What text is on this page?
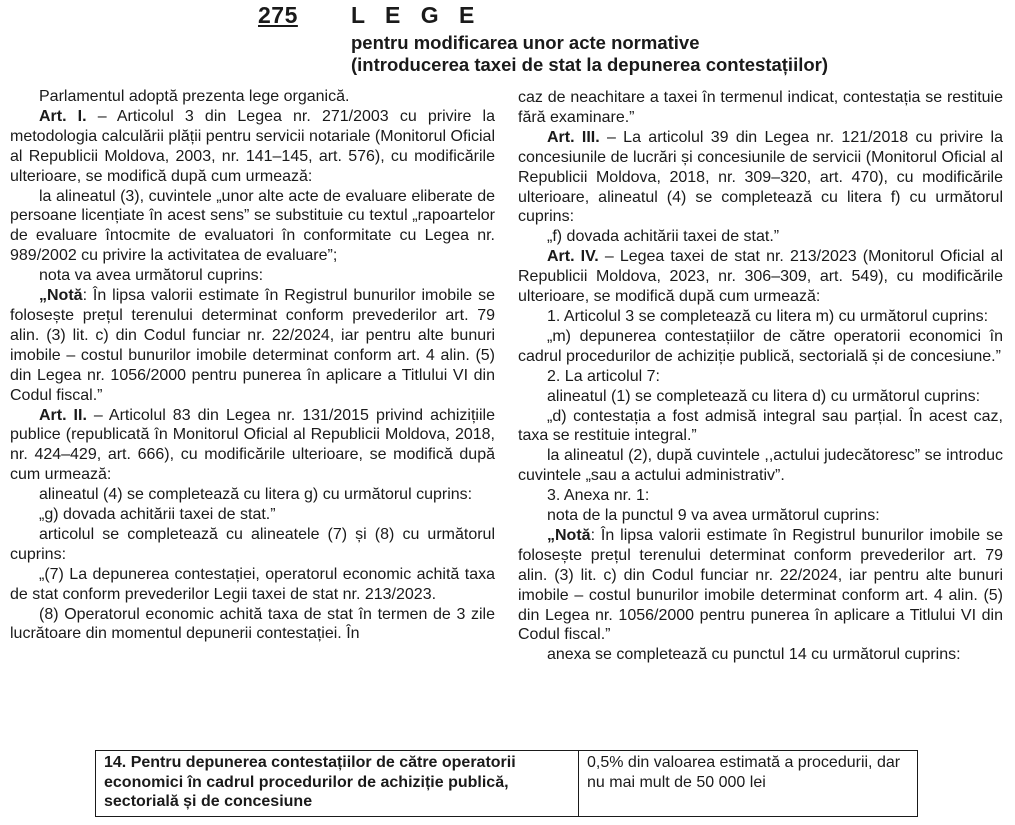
275 L E G E
pentru modificarea unor acte normative
(introducerea taxei de stat la depunerea contestațiilor)

Parlamentul adoptă prezenta lege organică.

Art. I. – Articolul 3 din Legea nr. 271/2003 cu privire la metodologia calculării plății pentru servicii notariale (Monitorul Oficial al Republicii Moldova, 2003, nr. 141–145, art. 576), cu modificările ulterioare, se modifică după cum urmează:

la alineatul (3), cuvintele „unor alte acte de evaluare eliberate de persoane licențiate în acest sens” se substituie cu textul „rapoartelor de evaluare întocmite de evaluatori în conformitate cu Legea nr. 989/2002 cu privire la activitatea de evaluare”;

nota va avea următorul cuprins:

„Notă: În lipsa valorii estimate în Registrul bunurilor imobile se folosește prețul terenului determinat conform prevederilor art. 79 alin. (3) lit. c) din Codul funciar nr. 22/2024, iar pentru alte bunuri imobile – costul bunurilor imobile determinat conform art. 4 alin. (5) din Legea nr. 1056/2000 pentru punerea în aplicare a Titlului VI din Codul fiscal.”

Art. II. – Articolul 83 din Legea nr. 131/2015 privind achizițiile publice (republicată în Monitorul Oficial al Republicii Moldova, 2018, nr. 424–429, art. 666), cu modificările ulterioare, se modifică după cum urmează:

alineatul (4) se completează cu litera g) cu următorul cuprins:

„g) dovada achitării taxei de stat.”

articolul se completează cu alineatele (7) și (8) cu următorul cuprins:

„(7) La depunerea contestației, operatorul economic achită taxa de stat conform prevederilor Legii taxei de stat nr. 213/2023.

(8) Operatorul economic achită taxa de stat în termen de 3 zile lucrătoare din momentul depunerii contestației. În

caz de neachitare a taxei în termenul indicat, contestația se restituie fără examinare.”

Art. III. – La articolul 39 din Legea nr. 121/2018 cu privire la concesiunile de lucrări și concesiunile de servicii (Monitorul Oficial al Republicii Moldova, 2018, nr. 309–320, art. 470), cu modificările ulterioare, alineatul (4) se completează cu litera f) cu următorul cuprins:

„f) dovada achitării taxei de stat.”

Art. IV. – Legea taxei de stat nr. 213/2023 (Monitorul Oficial al Republicii Moldova, 2023, nr. 306–309, art. 549), cu modificările ulterioare, se modifică după cum urmează:

1. Articolul 3 se completează cu litera m) cu următorul cuprins:

„m) depunerea contestațiilor de către operatorii economici în cadrul procedurilor de achiziție publică, sectorială și de concesiune.”

2. La articolul 7:

alineatul (1) se completează cu litera d) cu următorul cuprins:

„d) contestația a fost admisă integral sau parțial. În acest caz, taxa se restituie integral.”

la alineatul (2), după cuvintele ,,actului judecătoresc” se introduc cuvintele „sau a actului administrativ”.

3. Anexa nr. 1:

nota de la punctul 9 va avea următorul cuprins:

„Notă: În lipsa valorii estimate în Registrul bunurilor imobile se folosește prețul terenului determinat conform prevederilor art. 79 alin. (3) lit. c) din Codul funciar nr. 22/2024, iar pentru alte bunuri imobile – costul bunurilor imobile determinat conform art. 4 alin. (5) din Legea nr. 1056/2000 pentru punerea în aplicare a Titlului VI din Codul fiscal.”

anexa se completează cu punctul 14 cu următorul cuprins:

14. Pentru depunerea contestațiilor de către operatorii economici în cadrul procedurilor de achiziție publică, sectorială și de concesiune	0,5% din valoarea estimată a procedurii, dar nu mai mult de 50 000 lei
